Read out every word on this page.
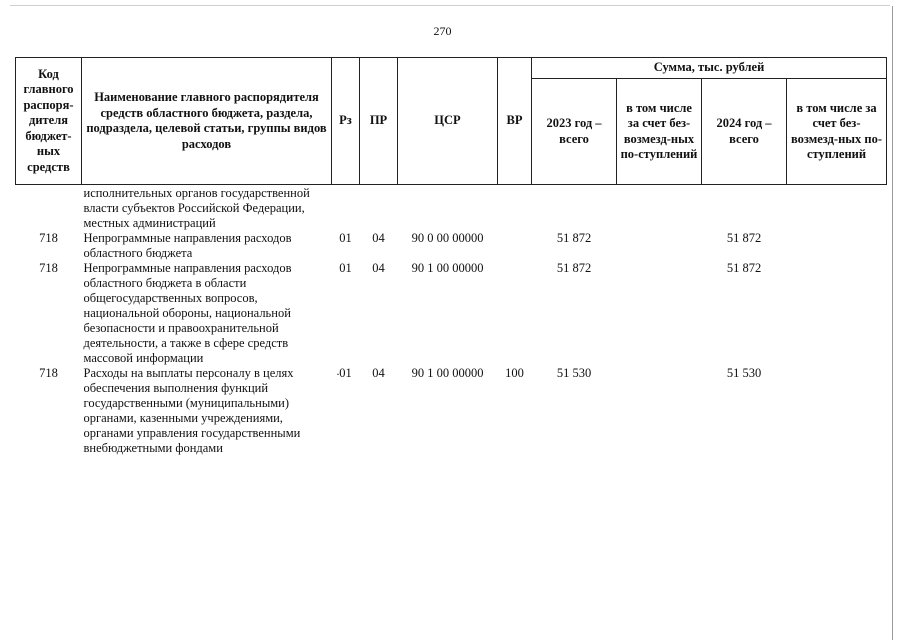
270
Код главного распоря-дителя бюджет-ных средств	Наименование главного распорядителя средств областного бюджета, раздела, подраздела, целевой статьи, группы видов расходов	Рз	ПР	ЦСР	ВР	Сумма, тыс. рублей			
						2023 год – всего	в том числе за счет без-возмезд-ных по-ступлений	2024 год – всего	в том числе за счет без-возмезд-ных по-ступлений
	исполнительных органов государственной власти субъектов Российской Федерации, местных администраций								
718	Непрограммные направления расходов областного бюджета	01	04	90 0 00 00000		51 872		51 872	
718	Непрограммные направления расходов областного бюджета в области общегосударственных вопросов, национальной обороны, национальной безопасности и правоохранительной деятельности, а также в сфере средств массовой информации	01	04	90 1 00 00000		51 872		51 872	
718	Расходы на выплаты персоналу в целях обеспечения выполнения функций государственными (муниципальными) органами, казенными учреждениями, органами управления государственными внебюджетными фондами	01	04	90 1 00 00000	100	51 530		51 530	
·
